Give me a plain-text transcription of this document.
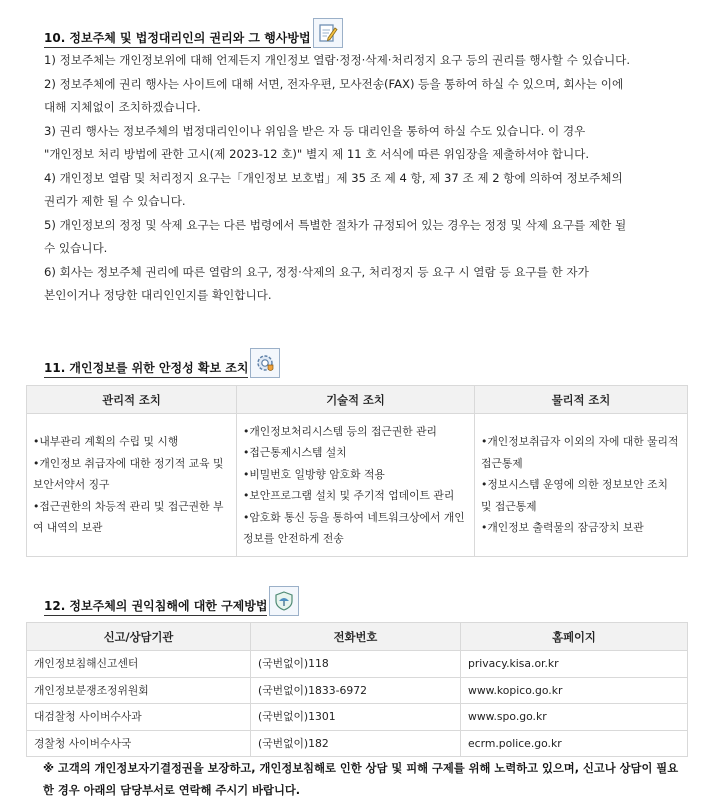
10. 정보주체 및 법정대리인의 권리와 그 행사방법

1) 정보주체는 개인정보위에 대해 언제든지 개인정보 열람·정정·삭제·처리정지 요구 등의 권리를 행사할 수 있습니다.

2) 정보주체에 권리 행사는 사이트에 대해 서면, 전자우편, 모사전송(FAX) 등을 통하여 하실 수 있으며, 회사는 이에

대해 지체없이 조치하겠습니다.

3) 권리 행사는 정보주체의 법정대리인이나 위임을 받은 자 등 대리인을 통하여 하실 수도 있습니다. 이 경우

"개인정보 처리 방법에 관한 고시(제 2023-12 호)" 별지 제 11 호 서식에 따른 위임장을 제출하셔야 합니다.

4) 개인정보 열람 및 처리정지 요구는「개인정보 보호법」제 35 조 제 4 항, 제 37 조 제 2 항에 의하여 정보주체의

권리가 제한 될 수 있습니다.

5) 개인정보의 정정 및 삭제 요구는 다른 법령에서 특별한 절차가 규정되어 있는 경우는 정정 및 삭제 요구를 제한 될

수 있습니다.

6) 회사는 정보주체 권리에 따른 열람의 요구, 정정·삭제의 요구, 처리정지 등 요구 시 열람 등 요구를 한 자가

본인이거나 정당한 대리인인지를 확인합니다.

11. 개인정보를 위한 안정성 확보 조치
관리적 조치	기술적 조치	물리적 조치

•내부관리 계획의 수립 및 시행
•개인정보 취급자에 대한 정기적 교육 및 보안서약서 징구
•접근권한의 차등적 관리 및 접근권한 부여 내역의 보관	•개인정보처리시스템 등의 접근권한 관리
•접근통제시스템 설치
•비밀번호 일방향 암호화 적용
•보안프로그램 설치 및 주기적 업데이트 관리
•암호화 통신 등을 통하여 네트워크상에서 개인정보를 안전하게 전송	•개인정보취급자 이외의 자에 대한 물리적 접근통제
•정보시스템 운영에 의한 정보보안 조치 및 접근통제
•개인정보 출력물의 잠금장치 보관
12. 정보주체의 권익침해에 대한 구제방법
신고/상담기관	전화번호	홈페이지
개인정보침해신고센터	(국번없이)118	privacy.kisa.or.kr
개인정보분쟁조정위원회	(국번없이)1833-6972	www.kopico.go.kr
대검찰청 사이버수사과	(국번없이)1301	www.spo.go.kr
경찰청 사이버수사국	(국번없이)182	ecrm.police.go.kr
※ 고객의 개인정보자기결정권을 보장하고, 개인정보침해로 인한 상담 및 피해 구제를 위해 노력하고 있으며, 신고나 상담이 필요한 경우 아래의 담당부서로 연락해 주시기 바랍니다.
